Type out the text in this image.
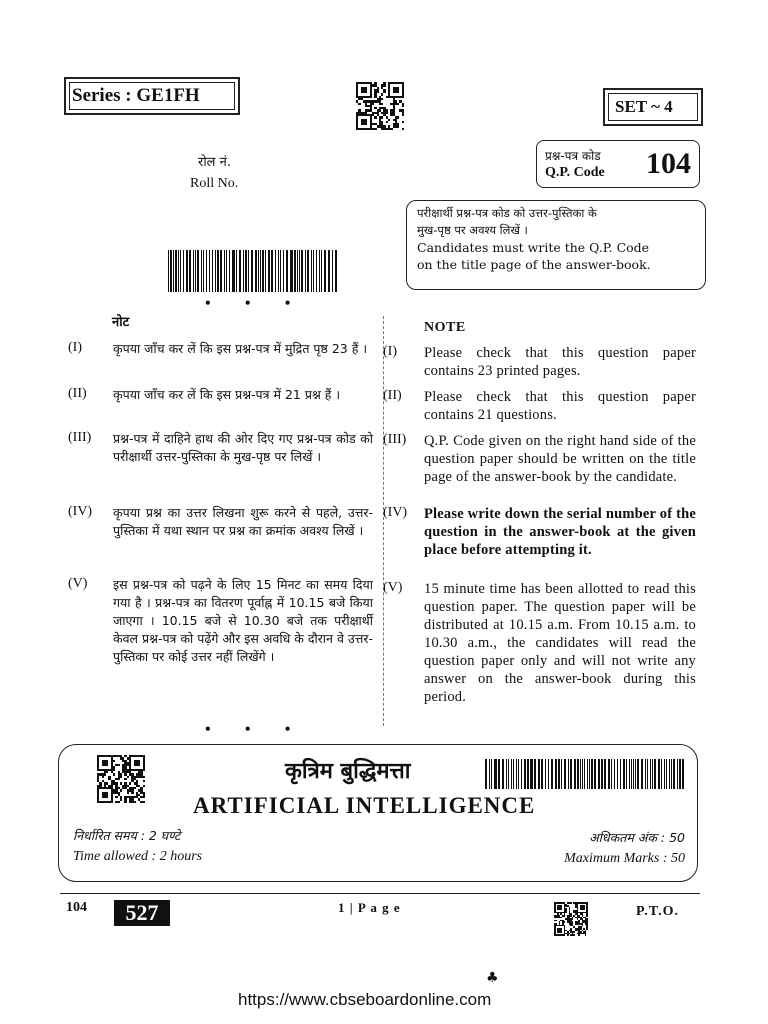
Series : GE1FH
SET ~ 4
रोल नं.
Roll No.
प्रश्न-पत्र कोड
Q.P. Code 104
परीक्षार्थी प्रश्न-पत्र कोड को उत्तर-पुस्तिका के
मुख-पृष्ठ पर अवश्य लिखें ।
Candidates must write the Q.P. Code
on the title page of the answer-book.
• • •
नोट	NOTE
(I) कृपया जाँच कर लें कि इस प्रश्न-पत्र में मुद्रित पृष्ठ 23 हैं ।
(II) कृपया जाँच कर लें कि इस प्रश्न-पत्र में 21 प्रश्न हैं ।
(III) प्रश्न-पत्र में दाहिने हाथ की ओर दिए गए प्रश्न-पत्र कोड को परीक्षार्थी उत्तर-पुस्तिका के मुख-पृष्ठ पर लिखें ।
(IV) कृपया प्रश्न का उत्तर लिखना शुरू करने से पहले, उत्तर-पुस्तिका में यथा स्थान पर प्रश्न का क्रमांक अवश्य लिखें ।
(V) इस प्रश्न-पत्र को पढ़ने के लिए 15 मिनट का समय दिया गया है । प्रश्न-पत्र का वितरण पूर्वाह्न में 10.15 बजे किया जाएगा । 10.15 बजे से 10.30 बजे तक परीक्षार्थी केवल प्रश्न-पत्र को पढ़ेंगे और इस अवधि के दौरान वे उत्तर-पुस्तिका पर कोई उत्तर नहीं लिखेंगे ।
(I) Please check that this question paper contains 23 printed pages.
(II) Please check that this question paper contains 21 questions.
(III) Q.P. Code given on the right hand side of the question paper should be written on the title page of the answer-book by the candidate.
(IV) Please write down the serial number of the question in the answer-book at the given place before attempting it.
(V) 15 minute time has been allotted to read this question paper. The question paper will be distributed at 10.15 a.m. From 10.15 a.m. to 10.30 a.m., the candidates will read the question paper only and will not write any answer on the answer-book during this period.
• • •
कृत्रिम बुद्धिमत्ता
ARTIFICIAL INTELLIGENCE
निर्धारित समय : 2 घण्टे
Time allowed : 2 hours
अधिकतम अंक : 50
Maximum Marks : 50
104	527	1 | P a g e	P.T.O.
♣
https://www.cbseboardonline.com
